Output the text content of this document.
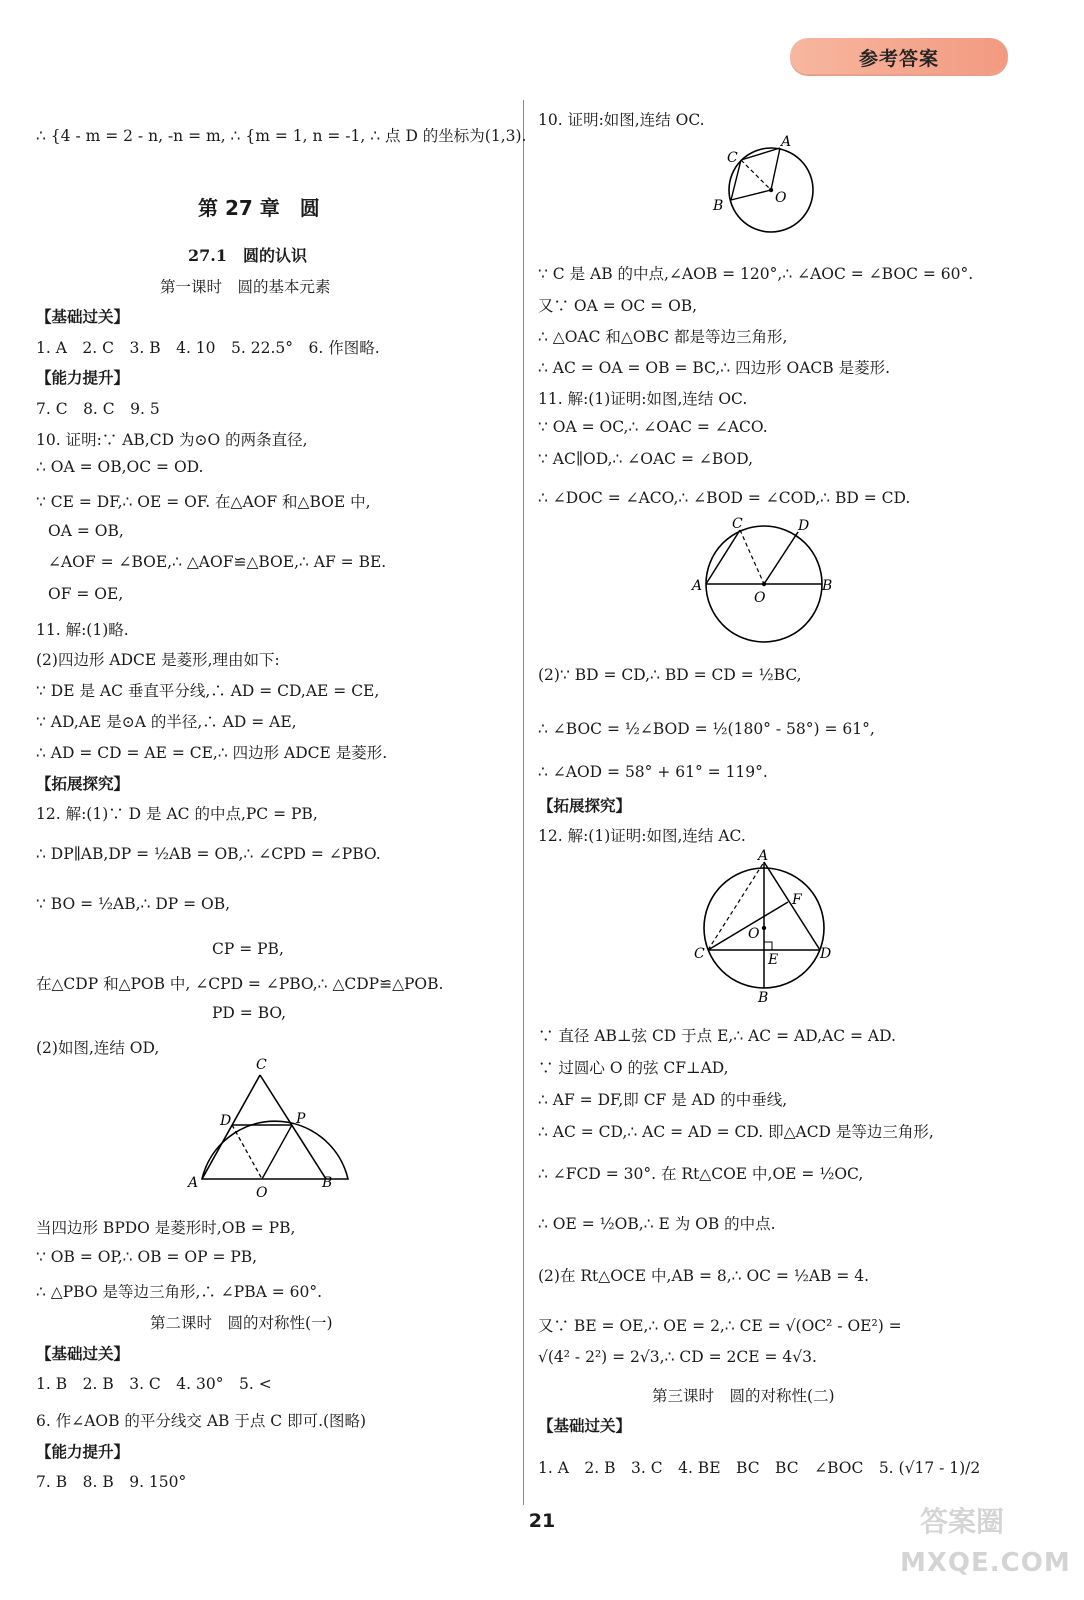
参考答案
∴ {4 - m = 2 - n, -n = m, ∴ {m = 1, n = -1, ∴ 点 D 的坐标为(1,3).
第 27 章　圆
27.1　圆的认识
第一课时　圆的基本元素
【基础过关】
1. A　2. C　3. B　4. 10　5. 22.5°　6. 作图略.
【能力提升】
7. C　8. C　9. 5
10. 证明:∵ AB,CD 为⊙O 的两条直径,
∴ OA = OB,OC = OD.
∵ CE = DF,∴ OE = OF. 在△AOF 和△BOE 中,
OA = OB,
∠AOF = ∠BOE,∴ △AOF≌△BOE,∴ AF = BE.
OF = OE,
11. 解:(1)略.
(2)四边形 ADCE 是菱形,理由如下:
∵ DE 是 AC 垂直平分线,∴ AD = CD,AE = CE,
∵ AD,AE 是⊙A 的半径,∴ AD = AE,
∴ AD = CD = AE = CE,∴ 四边形 ADCE 是菱形.
【拓展探究】
12. 解:(1)∵ D 是 AC 的中点,PC = PB,
∴ DP∥AB,DP = ½AB = OB,∴ ∠CPD = ∠PBO.
∵ BO = ½AB,∴ DP = OB,
CP = PB,
在△CDP 和△POB 中, ∠CPD = ∠PBO,∴ △CDP≌△POB.
PD = BO,
(2)如图,连结 OD,
C
D	P
A
O
B
当四边形 BPDO 是菱形时,OB = PB,
∵ OB = OP,∴ OB = OP = PB,
∴ △PBO 是等边三角形,∴ ∠PBA = 60°.
第二课时　圆的对称性(一)
【基础过关】
1. B　2. B　3. C　4. 30°　5. <
6. 作∠AOB 的平分线交 AB 于点 C 即可.(图略)
【能力提升】
7. B　8. B　9. 150°
10. 证明:如图,连结 OC.
C
A
O
B
∵ C 是 AB 的中点,∠AOB = 120°,∴ ∠AOC = ∠BOC = 60°.
又∵ OA = OC = OB,
∴ △OAC 和△OBC 都是等边三角形,
∴ AC = OA = OB = BC,∴ 四边形 OACB 是菱形.
11. 解:(1)证明:如图,连结 OC.
∵ OA = OC,∴ ∠OAC = ∠ACO.
∵ AC∥OD,∴ ∠OAC = ∠BOD,
∴ ∠DOC = ∠ACO,∴ ∠BOD = ∠COD,∴ BD = CD.
C	D
A
O
B
(2)∵ BD = CD,∴ BD = CD = ½BC,
∴ ∠BOC = ½∠BOD = ½(180° - 58°) = 61°,
∴ ∠AOD = 58° + 61° = 119°.
【拓展探究】
12. 解:(1)证明:如图,连结 AC.
A
F
O
C	E	D
B
∵ 直径 AB⊥弦 CD 于点 E,∴ AC = AD,AC = AD.
∵ 过圆心 O 的弦 CF⊥AD,
∴ AF = DF,即 CF 是 AD 的中垂线,
∴ AC = CD,∴ AC = AD = CD. 即△ACD 是等边三角形,
∴ ∠FCD = 30°. 在 Rt△COE 中,OE = ½OC,
∴ OE = ½OB,∴ E 为 OB 的中点.
(2)在 Rt△OCE 中,AB = 8,∴ OC = ½AB = 4.
又∵ BE = OE,∴ OE = 2,∴ CE = √(OC² - OE²) =
√(4² - 2²) = 2√3,∴ CD = 2CE = 4√3.
第三课时　圆的对称性(二)
【基础过关】
1. A　2. B　3. C　4. BE　BC　BC　∠BOC　5. (√17 - 1)/2
21	答案圈
MXQE.COM
